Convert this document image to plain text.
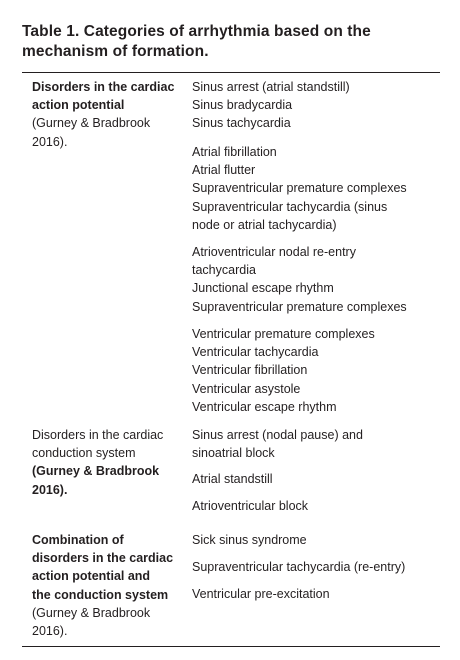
Table 1. Categories of arrhythmia based on the
mechanism of formation.
Disorders in the cardiac
action potential
(Gurney & Bradbrook
2016).
Sinus arrest (atrial standstill)
Sinus bradycardia
Sinus tachycardia
Atrial fibrillation
Atrial flutter
Supraventricular premature complexes
Supraventricular tachycardia (sinus
node or atrial tachycardia)
Atrioventricular nodal re-entry
tachycardia
Junctional escape rhythm
Supraventricular premature complexes
Ventricular premature complexes
Ventricular tachycardia
Ventricular fibrillation
Ventricular asystole
Ventricular escape rhythm
Disorders in the cardiac
conduction system
(Gurney & Bradbrook
2016).
Sinus arrest (nodal pause) and
sinoatrial block
Atrial standstill
Atrioventricular block
Combination of
disorders in the cardiac
action potential and
the conduction system
(Gurney & Bradbrook
2016).
Sick sinus syndrome
Supraventricular tachycardia (re-entry)
Ventricular pre-excitation
